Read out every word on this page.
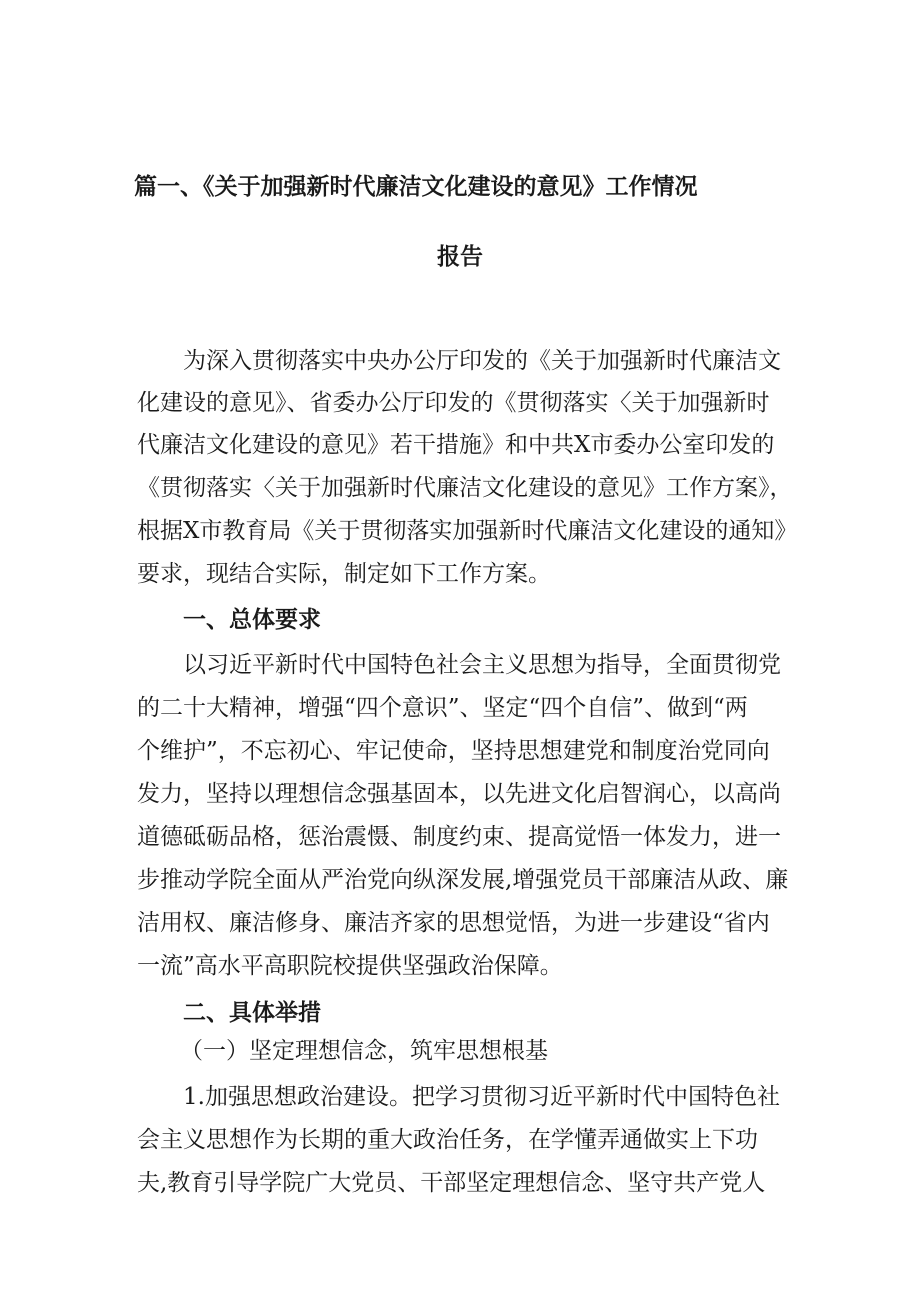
篇一、《关于加强新时代廉洁文化建设的意见》工作情况
报告
为深入贯彻落实中央办公厅印发的《关于加强新时代廉洁文
化建设的意见》、省委办公厅印发的《贯彻落实〈关于加强新时
代廉洁文化建设的意见》若干措施》和中共X市委办公室印发的
《贯彻落实〈关于加强新时代廉洁文化建设的意见》工作方案》，
根据X市教育局《关于贯彻落实加强新时代廉洁文化建设的通知》
要求，现结合实际，制定如下工作方案。
一、总体要求
以习近平新时代中国特色社会主义思想为指导，全面贯彻党
的二十大精神，增强“四个意识”、坚定“四个自信”、做到“两
个维护”，不忘初心、牢记使命，坚持思想建党和制度治党同向
发力，坚持以理想信念强基固本，以先进文化启智润心，以高尚
道德砥砺品格，惩治震慑、制度约束、提高觉悟一体发力，进一
步推动学院全面从严治党向纵深发展,增强党员干部廉洁从政、廉
洁用权、廉洁修身、廉洁齐家的思想觉悟，为进一步建设“省内
一流”高水平高职院校提供坚强政治保障。
二、具体举措
（一）坚定理想信念，筑牢思想根基
1.加强思想政治建设。把学习贯彻习近平新时代中国特色社
会主义思想作为长期的重大政治任务，在学懂弄通做实上下功
夫,教育引导学院广大党员、干部坚定理想信念、坚守共产党人
